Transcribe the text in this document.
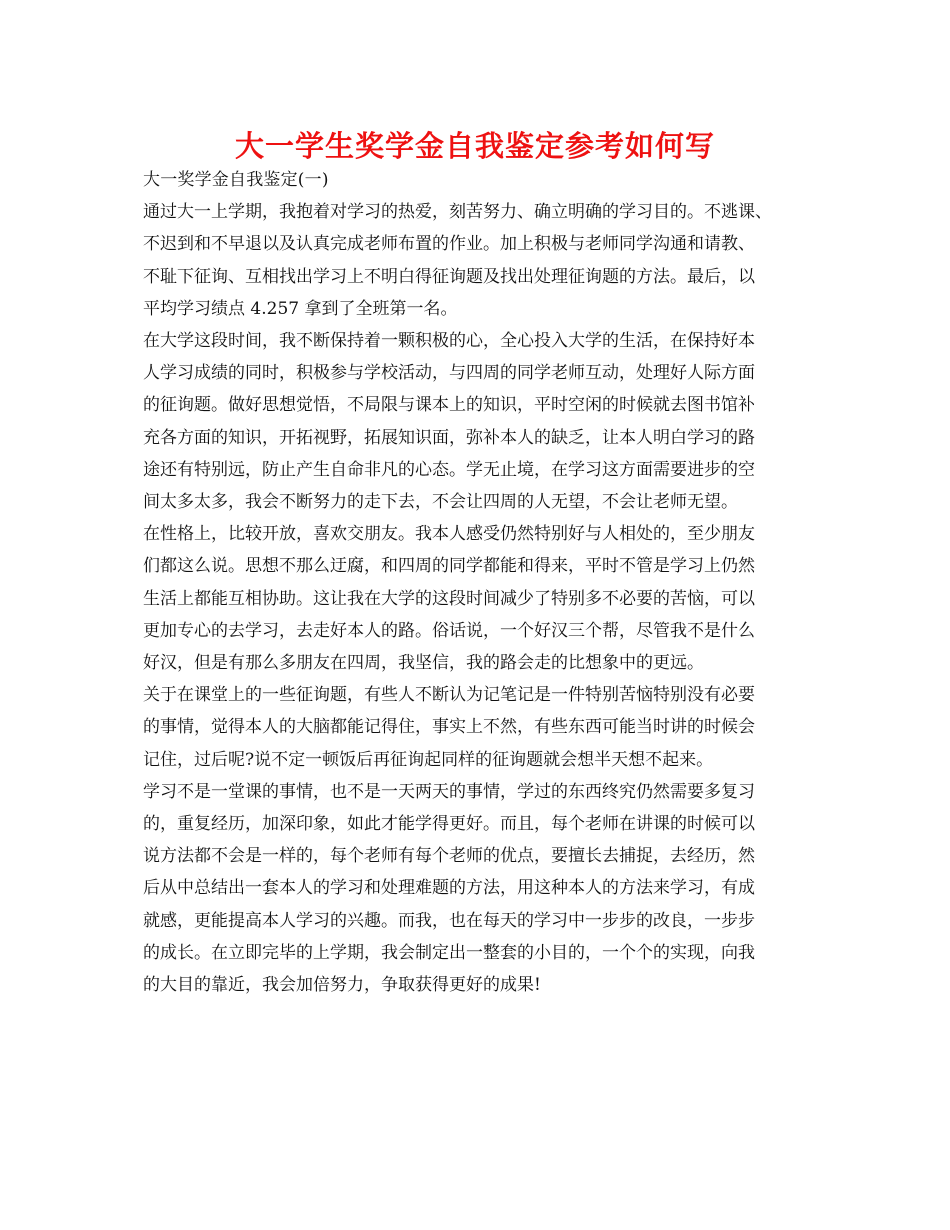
大一学生奖学金自我鉴定参考如何写
大一奖学金自我鉴定(一)
通过大一上学期，我抱着对学习的热爱，刻苦努力、确立明确的学习目的。不逃课、
不迟到和不早退以及认真完成老师布置的作业。加上积极与老师同学沟通和请教、
不耻下征询、互相找出学习上不明白得征询题及找出处理征询题的方法。最后，以
平均学习绩点 4.257 拿到了全班第一名。
在大学这段时间，我不断保持着一颗积极的心，全心投入大学的生活，在保持好本
人学习成绩的同时，积极参与学校活动，与四周的同学老师互动，处理好人际方面
的征询题。做好思想觉悟，不局限与课本上的知识，平时空闲的时候就去图书馆补
充各方面的知识，开拓视野，拓展知识面，弥补本人的缺乏，让本人明白学习的路
途还有特别远，防止产生自命非凡的心态。学无止境，在学习这方面需要进步的空
间太多太多，我会不断努力的走下去，不会让四周的人无望，不会让老师无望。
在性格上，比较开放，喜欢交朋友。我本人感受仍然特别好与人相处的，至少朋友
们都这么说。思想不那么迂腐，和四周的同学都能和得来，平时不管是学习上仍然
生活上都能互相协助。这让我在大学的这段时间减少了特别多不必要的苦恼，可以
更加专心的去学习，去走好本人的路。俗话说，一个好汉三个帮，尽管我不是什么
好汉，但是有那么多朋友在四周，我坚信，我的路会走的比想象中的更远。
关于在课堂上的一些征询题，有些人不断认为记笔记是一件特别苦恼特别没有必要
的事情，觉得本人的大脑都能记得住，事实上不然，有些东西可能当时讲的时候会
记住，过后呢?说不定一顿饭后再征询起同样的征询题就会想半天想不起来。
学习不是一堂课的事情，也不是一天两天的事情，学过的东西终究仍然需要多复习
的，重复经历，加深印象，如此才能学得更好。而且，每个老师在讲课的时候可以
说方法都不会是一样的，每个老师有每个老师的优点，要擅长去捕捉，去经历，然
后从中总结出一套本人的学习和处理难题的方法，用这种本人的方法来学习，有成
就感，更能提高本人学习的兴趣。而我，也在每天的学习中一步步的改良，一步步
的成长。在立即完毕的上学期，我会制定出一整套的小目的，一个个的实现，向我
的大目的靠近，我会加倍努力，争取获得更好的成果!
